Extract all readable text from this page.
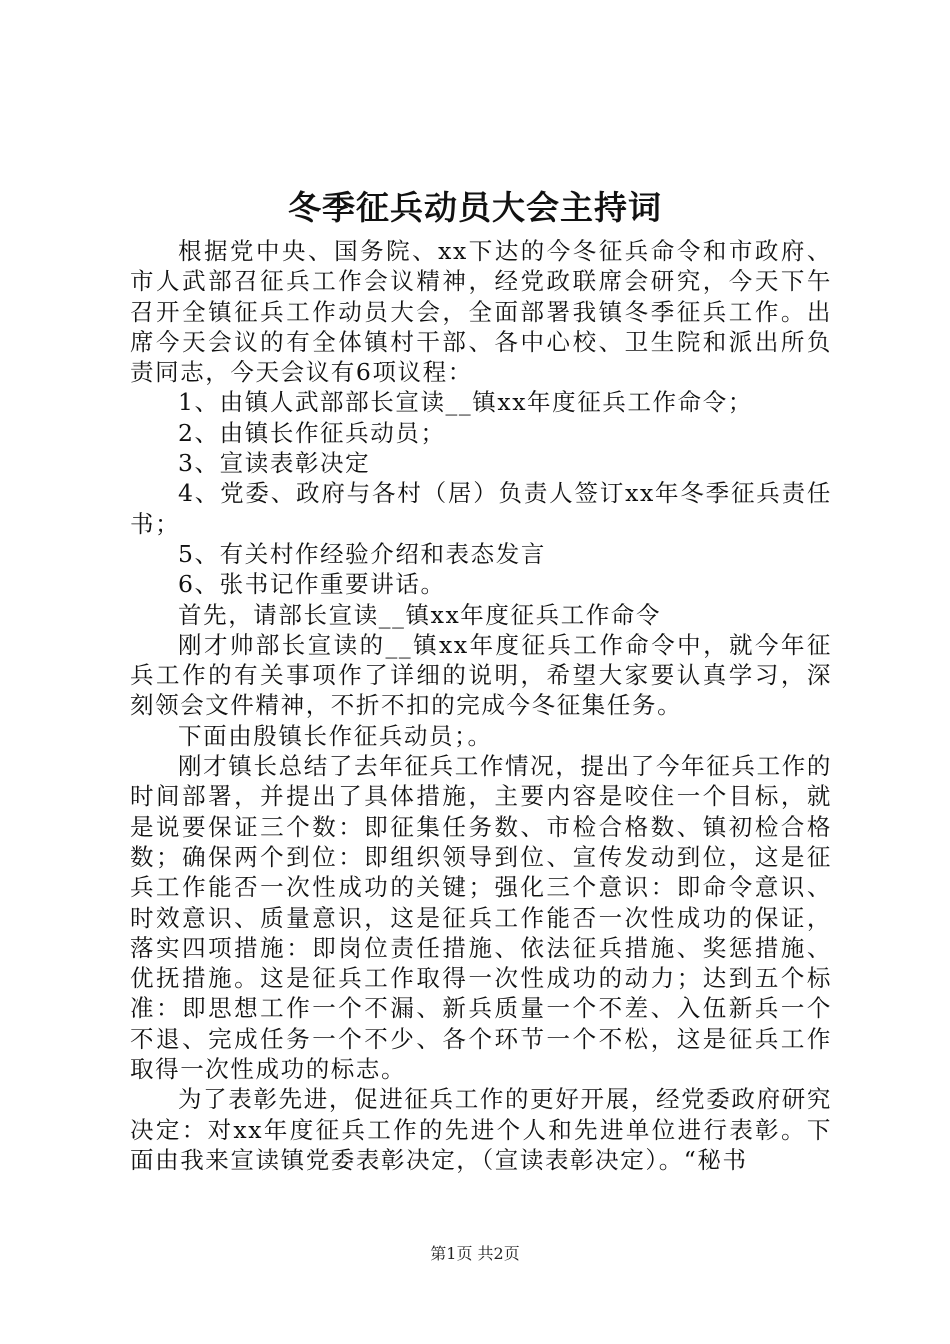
冬季征兵动员大会主持词

根据党中央、国务院、xx下达的今冬征兵命令和市政府、市人武部召征兵工作会议精神，经党政联席会研究，今天下午召开全镇征兵工作动员大会，全面部署我镇冬季征兵工作。出席今天会议的有全体镇村干部、各中心校、卫生院和派出所负责同志，今天会议有6项议程：

1、由镇人武部部长宣读__镇xx年度征兵工作命令；

2、由镇长作征兵动员；

3、宣读表彰决定

4、党委、政府与各村（居）负责人签订xx年冬季征兵责任书；

5、有关村作经验介绍和表态发言

6、张书记作重要讲话。

首先，请部长宣读__镇xx年度征兵工作命令

刚才帅部长宣读的__镇xx年度征兵工作命令中，就今年征兵工作的有关事项作了详细的说明，希望大家要认真学习，深刻领会文件精神，不折不扣的完成今冬征集任务。

下面由殷镇长作征兵动员；。

刚才镇长总结了去年征兵工作情况，提出了今年征兵工作的时间部署，并提出了具体措施，主要内容是咬住一个目标，就是说要保证三个数：即征集任务数、市检合格数、镇初检合格数；确保两个到位：即组织领导到位、宣传发动到位，这是征兵工作能否一次性成功的关键；强化三个意识：即命令意识、时效意识、质量意识，这是征兵工作能否一次性成功的保证，落实四项措施：即岗位责任措施、依法征兵措施、奖惩措施、优抚措施。这是征兵工作取得一次性成功的动力；达到五个标准：即思想工作一个不漏、新兵质量一个不差、入伍新兵一个不退、完成任务一个不少、各个环节一个不松，这是征兵工作取得一次性成功的标志。

为了表彰先进，促进征兵工作的更好开展，经党委政府研究决定：对xx年度征兵工作的先进个人和先进单位进行表彰。下面由我来宣读镇党委表彰决定，（宣读表彰决定）。“秘书

第1页 共2页
